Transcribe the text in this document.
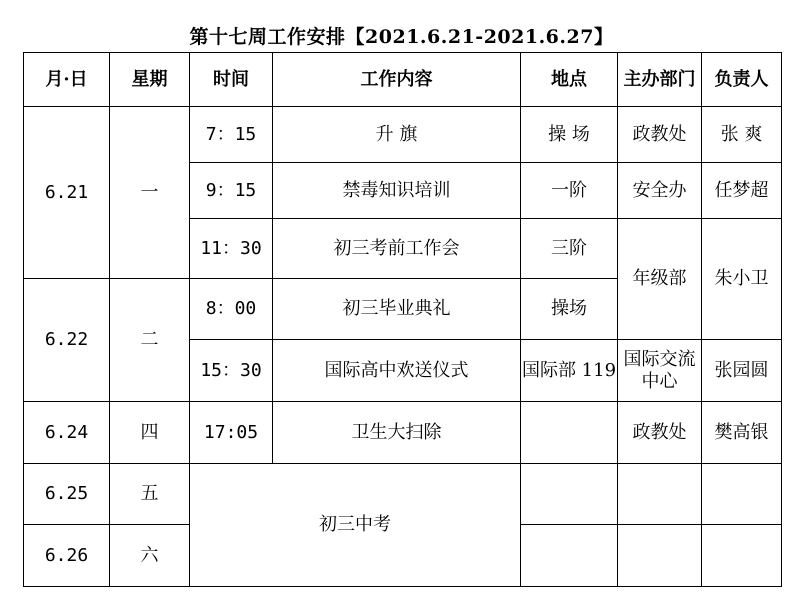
第十七周工作安排【2021.6.21-2021.6.27】
月·日	星期	时间	工作内容	地点	主办部门	负责人
6.21	一	7：15	升 旗	操 场	政教处	张 爽
		9：15	禁毒知识培训	一阶	安全办	任梦超
		11：30	初三考前工作会	三阶	年级部	朱小卫
6.22	二	8：00	初三毕业典礼	操场		
		15：30	国际高中欢送仪式	国际部 119	国际交流中心	张园圆
6.24	四	17:05	卫生大扫除		政教处	樊高银
6.25	五	初三中考				
6.26	六					
